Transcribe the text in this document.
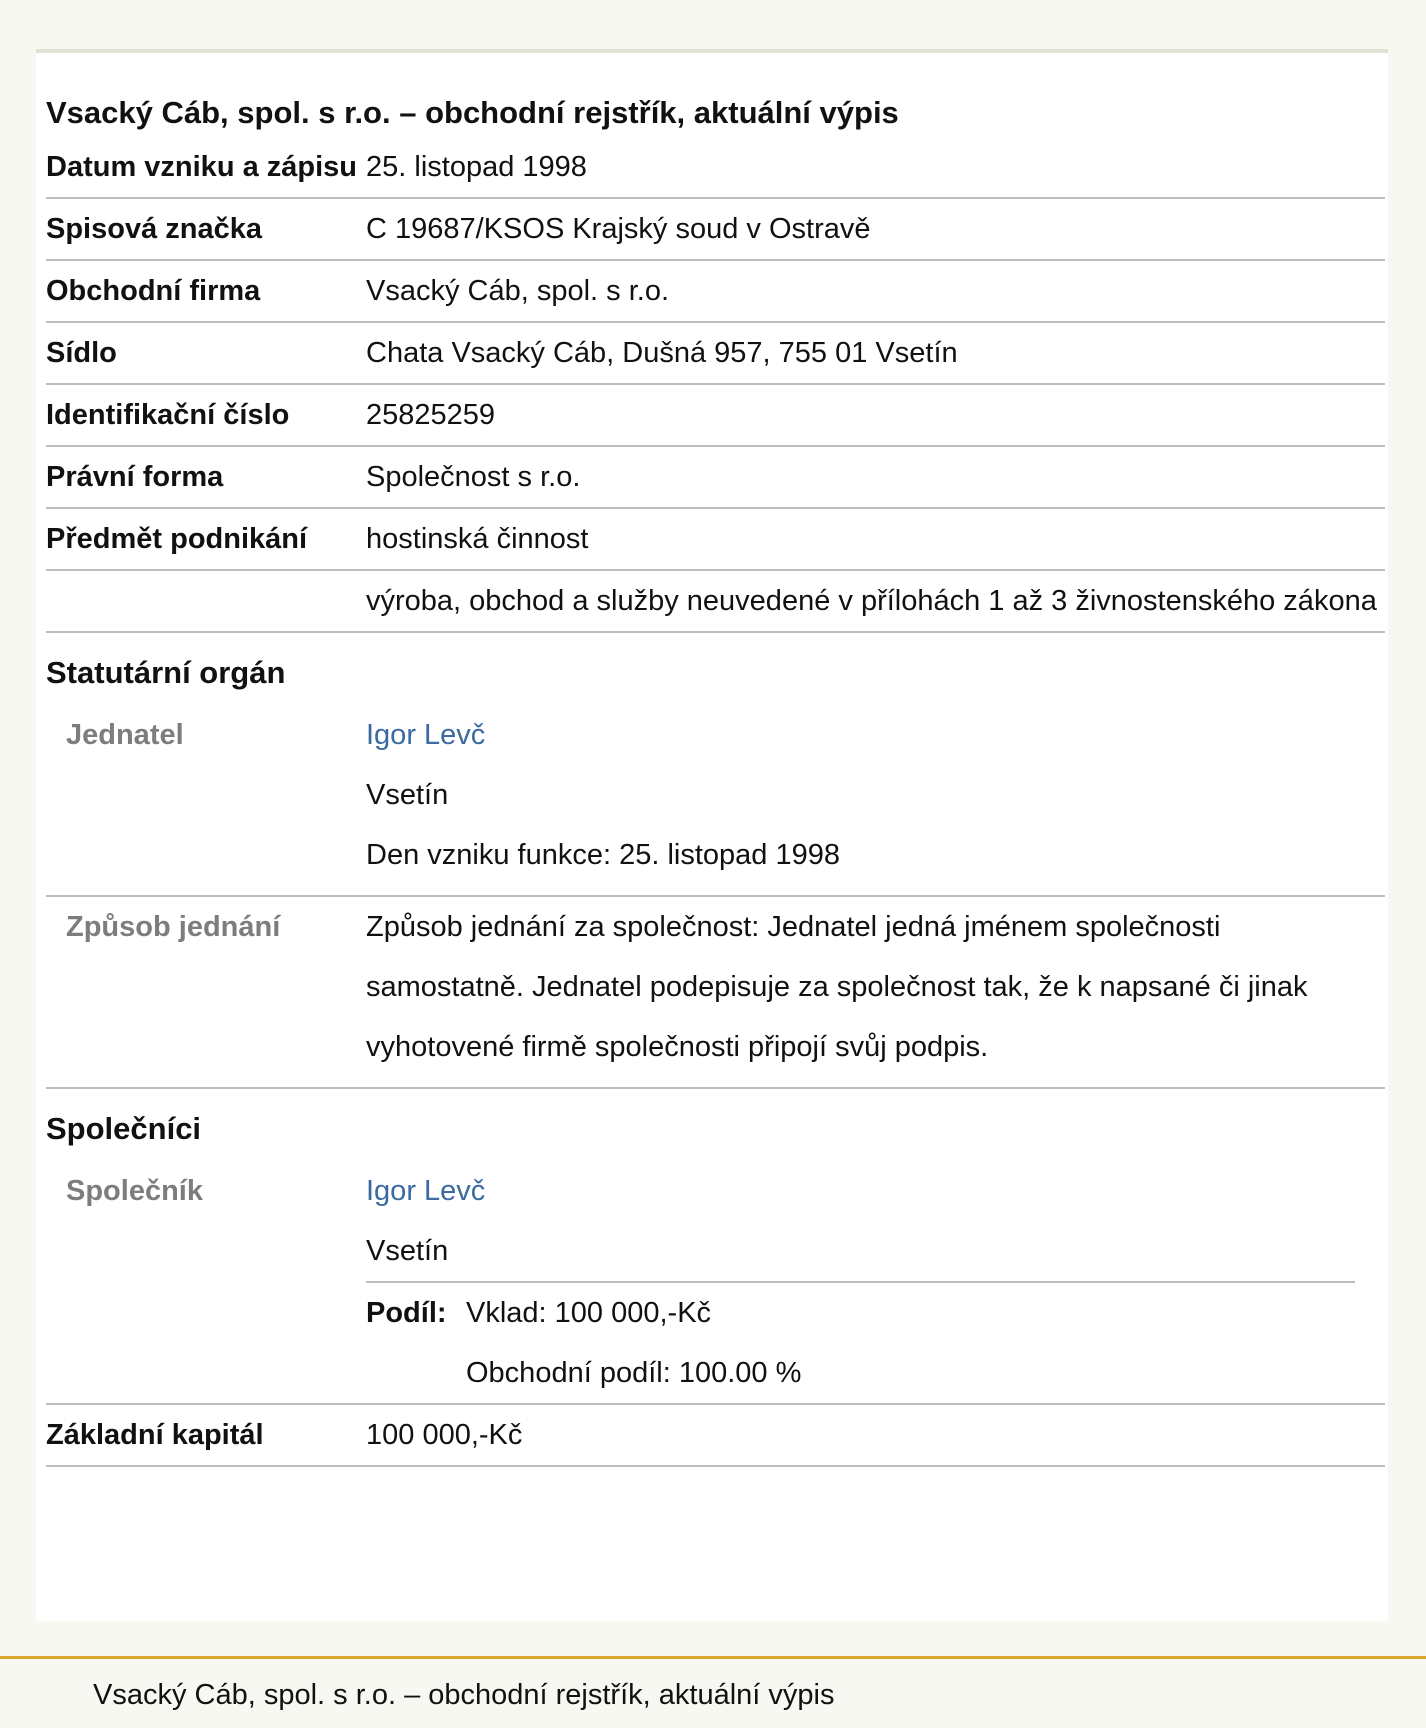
Vsacký Cáb, spol. s r.o. – obchodní rejstřík, aktuální výpis
Datum vzniku a zápisu 25. listopad 1998
Spisová značka	C 19687/KSOS Krajský soud v Ostravě
Obchodní firma	Vsacký Cáb, spol. s r.o.
Sídlo	Chata Vsacký Cáb, Dušná 957, 755 01 Vsetín
Identifikační číslo	25825259
Právní forma	Společnost s r.o.
Předmět podnikání	hostinská činnost
výroba, obchod a služby neuvedené v přílohách 1 až 3 živnostenského zákona
Statutární orgán
Jednatel	Igor Levč
Vsetín
Den vzniku funkce: 25. listopad 1998
Způsob jednání	Způsob jednání za společnost: Jednatel jedná jménem společnosti samostatně. Jednatel podepisuje za společnost tak, že k napsané či jinak vyhotovené firmě společnosti připojí svůj podpis.
Společníci
Společník	Igor Levč
Vsetín
Podíl: Vklad: 100 000,-Kč
Obchodní podíl: 100.00 %
Základní kapitál	100 000,-Kč
Vsacký Cáb, spol. s r.o. – obchodní rejstřík, aktuální výpis
